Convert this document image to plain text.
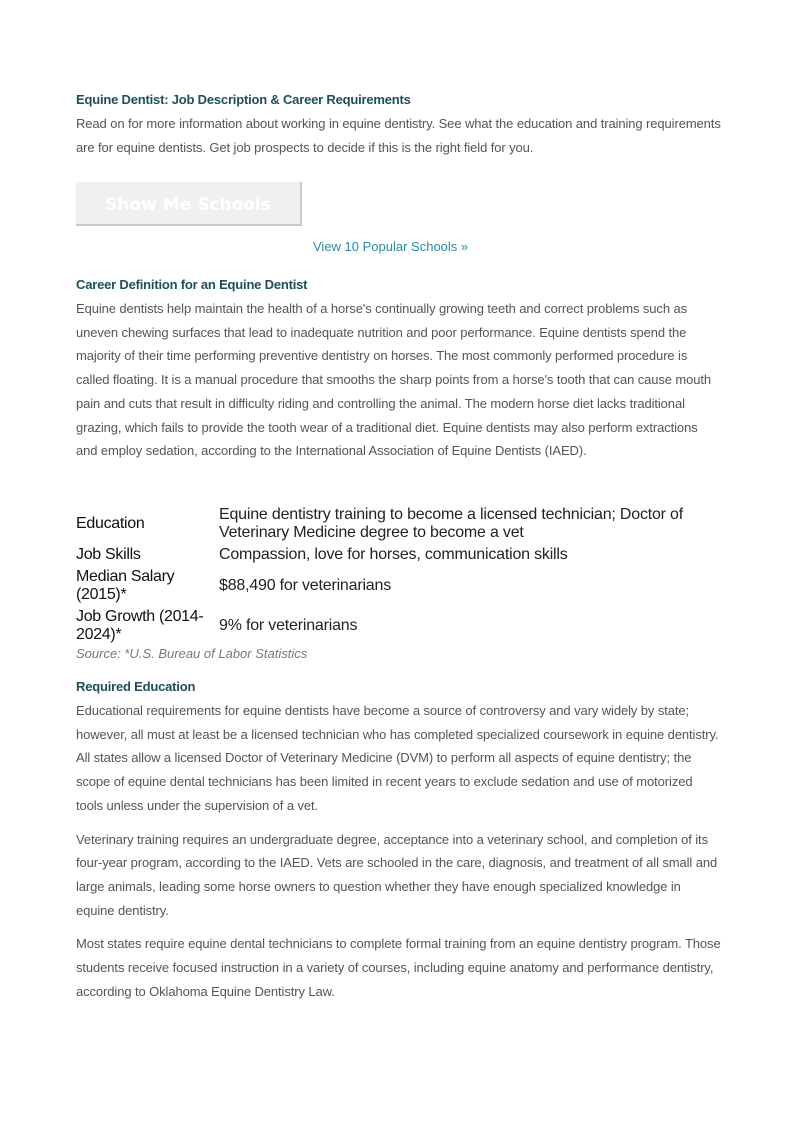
Equine Dentist: Job Description & Career Requirements

Read on for more information about working in equine dentistry. See what the education and training requirements are for equine dentists. Get job prospects to decide if this is the right field for you.

Show Me Schools
View 10 Popular Schools »
Career Definition for an Equine Dentist

Equine dentists help maintain the health of a horse's continually growing teeth and correct problems such as uneven chewing surfaces that lead to inadequate nutrition and poor performance. Equine dentists spend the majority of their time performing preventive dentistry on horses. The most commonly performed procedure is called floating. It is a manual procedure that smooths the sharp points from a horse's tooth that can cause mouth pain and cuts that result in difficulty riding and controlling the animal. The modern horse diet lacks traditional grazing, which fails to provide the tooth wear of a traditional diet. Equine dentists may also perform extractions and employ sedation, according to the International Association of Equine Dentists (IAED).

Education	Equine dentistry training to become a licensed technician; Doctor of Veterinary Medicine degree to become a vet
Job Skills	Compassion, love for horses, communication skills
Median Salary (2015)*	$88,490 for veterinarians
Job Growth (2014-2024)*	9% for veterinarians
Source: *U.S. Bureau of Labor Statistics
Required Education

Educational requirements for equine dentists have become a source of controversy and vary widely by state; however, all must at least be a licensed technician who has completed specialized coursework in equine dentistry. All states allow a licensed Doctor of Veterinary Medicine (DVM) to perform all aspects of equine dentistry; the scope of equine dental technicians has been limited in recent years to exclude sedation and use of motorized tools unless under the supervision of a vet.

Veterinary training requires an undergraduate degree, acceptance into a veterinary school, and completion of its four-year program, according to the IAED. Vets are schooled in the care, diagnosis, and treatment of all small and large animals, leading some horse owners to question whether they have enough specialized knowledge in equine dentistry.

Most states require equine dental technicians to complete formal training from an equine dentistry program. Those students receive focused instruction in a variety of courses, including equine anatomy and performance dentistry, according to Oklahoma Equine Dentistry Law.
